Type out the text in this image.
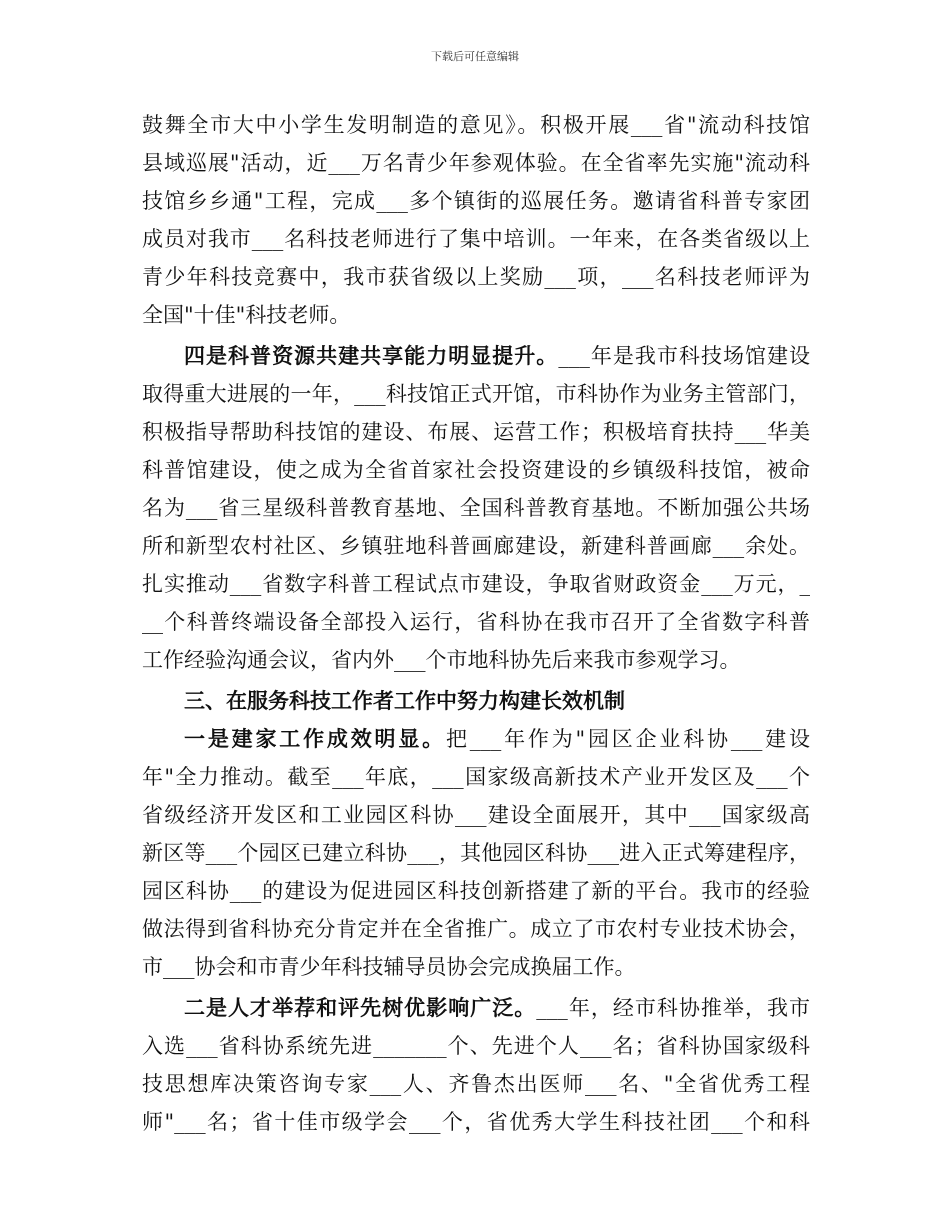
下载后可任意编辑
鼓舞全市大中小学生发明制造的意见》。积极开展___省"流动科技馆
县域巡展"活动，近___万名青少年参观体验。在全省率先实施"流动科
技馆乡乡通"工程，完成___多个镇街的巡展任务。邀请省科普专家团
成员对我市___名科技老师进行了集中培训。一年来，在各类省级以上
青少年科技竞赛中，我市获省级以上奖励___项，___名科技老师评为
全国"十佳"科技老师。
四是科普资源共建共享能力明显提升。___年是我市科技场馆建设
取得重大进展的一年，___科技馆正式开馆，市科协作为业务主管部门，
积极指导帮助科技馆的建设、布展、运营工作；积极培育扶持___华美
科普馆建设，使之成为全省首家社会投资建设的乡镇级科技馆，被命
名为___省三星级科普教育基地、全国科普教育基地。不断加强公共场
所和新型农村社区、乡镇驻地科普画廊建设，新建科普画廊___余处。
扎实推动___省数字科普工程试点市建设，争取省财政资金___万元，_
__个科普终端设备全部投入运行，省科协在我市召开了全省数字科普
工作经验沟通会议，省内外___个市地科协先后来我市参观学习。
三、在服务科技工作者工作中努力构建长效机制
一是建家工作成效明显。把___年作为"园区企业科协___建设
年"全力推动。截至___年底，___国家级高新技术产业开发区及___个
省级经济开发区和工业园区科协___建设全面展开，其中___国家级高
新区等___个园区已建立科协___，其他园区科协___进入正式筹建程序，
园区科协___的建设为促进园区科技创新搭建了新的平台。我市的经验
做法得到省科协充分肯定并在全省推广。成立了市农村专业技术协会，
市___协会和市青少年科技辅导员协会完成换届工作。
二是人才举荐和评先树优影响广泛。___年，经市科协推举，我市
入选___省科协系统先进_______个、先进个人___名；省科协国家级科
技思想库决策咨询专家___人、齐鲁杰出医师___名、"全省优秀工程
师"___名；省十佳市级学会___个，省优秀大学生科技社团___个和科
